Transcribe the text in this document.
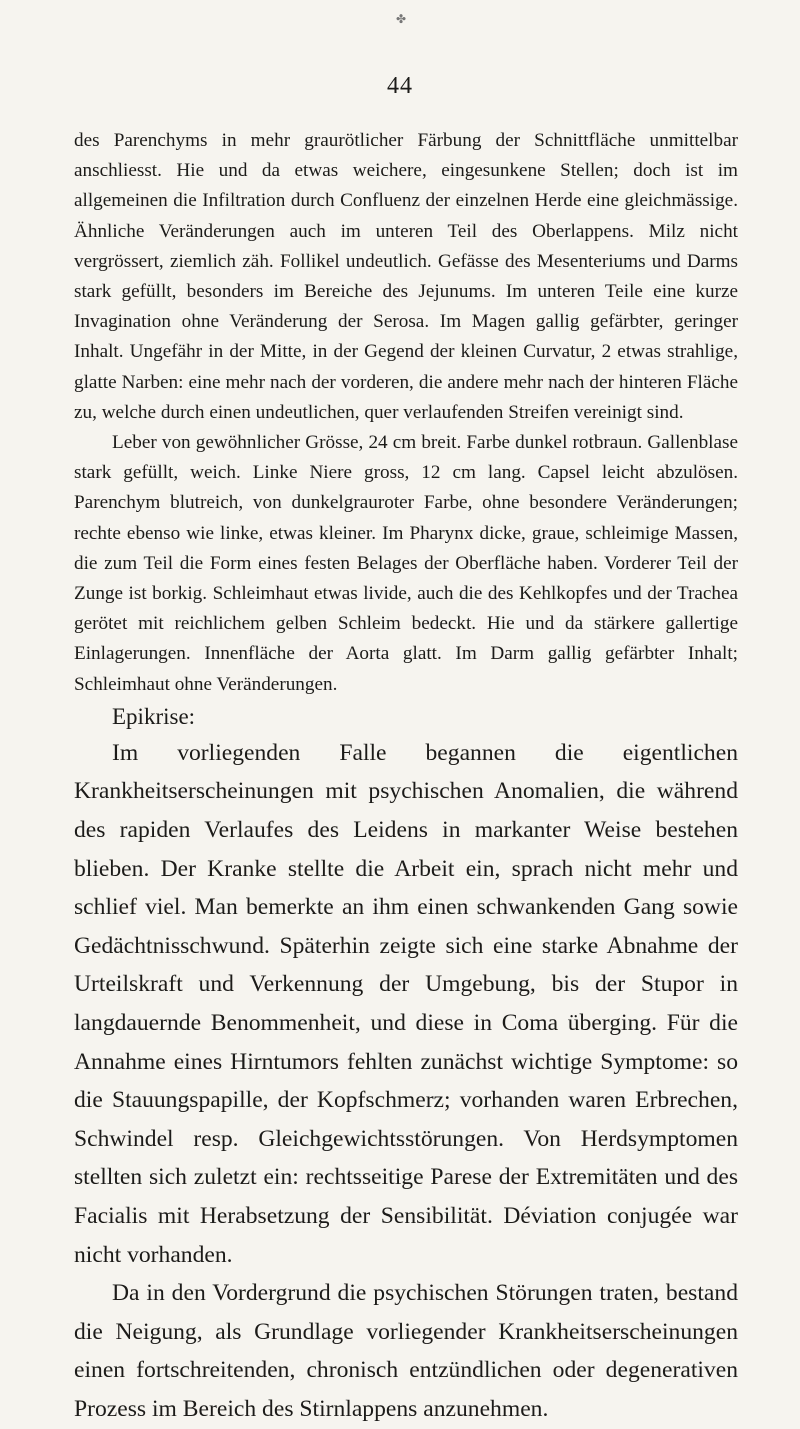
✤
44

des Parenchyms in mehr graurötlicher Färbung der Schnittfläche unmittelbar anschliesst. Hie und da etwas weichere, eingesunkene Stellen; doch ist im allgemeinen die Infiltration durch Confluenz der einzelnen Herde eine gleichmässige. Ähnliche Veränderungen auch im unteren Teil des Oberlappens. Milz nicht vergrössert, ziemlich zäh. Follikel undeutlich. Gefässe des Mesenteriums und Darms stark gefüllt, besonders im Bereiche des Jejunums. Im unteren Teile eine kurze Invagination ohne Veränderung der Serosa. Im Magen gallig gefärbter, geringer Inhalt. Ungefähr in der Mitte, in der Gegend der kleinen Curvatur, 2 etwas strahlige, glatte Narben: eine mehr nach der vorderen, die andere mehr nach der hinteren Fläche zu, welche durch einen undeutlichen, quer verlaufenden Streifen vereinigt sind.

Leber von gewöhnlicher Grösse, 24 cm breit. Farbe dunkel rotbraun. Gallenblase stark gefüllt, weich. Linke Niere gross, 12 cm lang. Capsel leicht abzulösen. Parenchym blutreich, von dunkelgrauroter Farbe, ohne besondere Veränderungen; rechte ebenso wie linke, etwas kleiner. Im Pharynx dicke, graue, schleimige Massen, die zum Teil die Form eines festen Belages der Oberfläche haben. Vorderer Teil der Zunge ist borkig. Schleimhaut etwas livide, auch die des Kehlkopfes und der Trachea gerötet mit reichlichem gelben Schleim bedeckt. Hie und da stärkere gallertige Einlagerungen. Innenfläche der Aorta glatt. Im Darm gallig gefärbter Inhalt; Schleimhaut ohne Veränderungen.

Epikrise:

Im vorliegenden Falle begannen die eigentlichen Krankheitserscheinungen mit psychischen Anomalien, die während des rapiden Verlaufes des Leidens in markanter Weise bestehen blieben. Der Kranke stellte die Arbeit ein, sprach nicht mehr und schlief viel. Man bemerkte an ihm einen schwankenden Gang sowie Gedächtnisschwund. Späterhin zeigte sich eine starke Abnahme der Urteilskraft und Verkennung der Umgebung, bis der Stupor in langdauernde Benommenheit, und diese in Coma überging. Für die Annahme eines Hirntumors fehlten zunächst wichtige Symptome: so die Stauungspapille, der Kopfschmerz; vorhanden waren Erbrechen, Schwindel resp. Gleichgewichtsstörungen. Von Herdsymptomen stellten sich zuletzt ein: rechtsseitige Parese der Extremitäten und des Facialis mit Herabsetzung der Sensibilität. Déviation conjugée war nicht vorhanden.

Da in den Vordergrund die psychischen Störungen traten, bestand die Neigung, als Grundlage vorliegender Krankheitserscheinungen einen fortschreitenden, chronisch entzündlichen oder degenerativen Prozess im Bereich des Stirnlappens anzunehmen.
